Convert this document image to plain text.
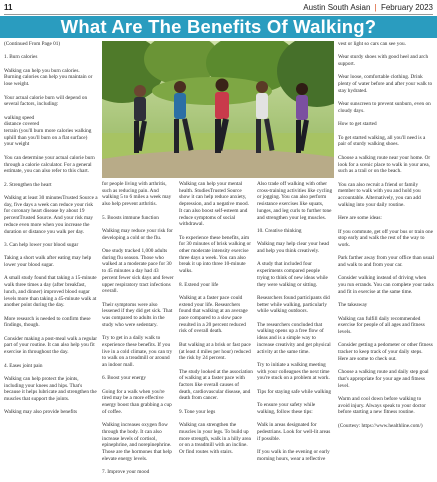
11	Austin South Asian | February 2023
What Are The Benefits Of Walking?

(Continued From Page 01)

1. Burn calories

Walking can help you burn calories. Burning calories can help you maintain or lose weight.

Your actual calorie burn will depend on several factors, including:

walking speed
distance covered
terrain (you'll burn more calories walking uphill than you'll burn on a flat surface)
your weight

You can determine your actual calorie burn through a calorie calculator. For a general estimate, you can also refer to this chart.

2. Strengthen the heart

Walking at least 30 minutesTrusted Source a day, five days a week can reduce your risk for coronary heart disease by about 19 percentTrusted Source. And your risk may reduce even more when you increase the duration or distance you walk per day.

3. Can help lower your blood sugar

Taking a short walk after eating may help lower your blood sugar.

A small study found that taking a 15-minute walk three times a day (after breakfast, lunch, and dinner) improved blood sugar levels more than taking a 45-minute walk at another point during the day.

More research is needed to confirm these findings, though.

Consider making a post-meal walk a regular part of your routine. It can also help you fit exercise in throughout the day.

4. Eases joint pain

Walking can help protect the joints, including your knees and hips. That's because it helps lubricate and strengthen the muscles that support the joints.

Walking may also provide benefits

for people living with arthritis, such as reducing pain. And walking 5 to 6 miles a week may also help prevent arthritis.

5. Boosts immune function

Walking may reduce your risk for developing a cold or the flu.

One study tracked 1,000 adults during flu season. Those who walked at a moderate pace for 30 to 45 minutes a day had 43 percent fewer sick days and fewer upper respiratory tract infections overall.

Their symptoms were also lessened if they did get sick. That was compared to adults in the study who were sedentary.

Try to get in a daily walk to experience these benefits. If you live in a cold climate, you can try to walk on a treadmill or around an indoor mall.

6. Boost your energy

Going for a walk when you're tired may be a more effective energy boost than grabbing a cup of coffee.

Walking increases oxygen flow through the body. It can also increase levels of cortisol, epinephrine, and norepinephrine. Those are the hormones that help elevate energy levels.

7. Improve your mood

Walking can help your mental health. StudiesTrusted Source show it can help reduce anxiety, depression, and a negative mood. It can also boost self-esteem and reduce symptoms of social withdrawal.

To experience these benefits, aim for 30 minutes of brisk walking or other moderate intensity exercise three days a week. You can also break it up into three 10-minute walks.

8. Extend your life

Walking at a faster pace could extend your life. Researchers found that walking at an average pace compared to a slow pace resulted in a 20 percent reduced risk of overall death.

But walking at a brisk or fast pace (at least 4 miles per hour) reduced the risk by 24 percent.

The study looked at the association of walking at a faster pace with factors like overall causes of death, cardiovascular disease, and death from cancer.

9. Tone your legs

Walking can strengthen the muscles in your legs. To build up more strength, walk in a hilly area or on a treadmill with an incline. Or find routes with stairs.

Also trade off walking with other cross-training activities like cycling or jogging. You can also perform resistance exercises like squats, lunges, and leg curls to further tone and strengthen your leg muscles.

10. Creative thinking

Walking may help clear your head and help you think creatively.

A study that included four experiments compared people trying to think of new ideas while they were walking or sitting.

Researchers found participants did better while walking, particularly while walking outdoors.

The researchers concluded that walking opens up a free flow of ideas and is a simple way to increase creativity and get physical activity at the same time.

Try to initiate a walking meeting with your colleagues the next time you're stuck on a problem at work.

Tips for staying safe while walking

To ensure your safety while walking, follow these tips:

Walk in areas designated for pedestrians. Look for well-lit areas if possible.

If you walk in the evening or early morning hours, wear a reflective

vest or light so cars can see you.

Wear sturdy shoes with good heel and arch support.

Wear loose, comfortable clothing. Drink plenty of water before and after your walk to stay hydrated.

Wear sunscreen to prevent sunburn, even on cloudy days.

How to get started

To get started walking, all you'll need is a pair of sturdy walking shoes.

Choose a walking route near your home. Or look for a scenic place to walk in your area, such as a trail or on the beach.

You can also recruit a friend or family member to walk with you and hold you accountable. Alternatively, you can add walking into your daily routine.

Here are some ideas:

If you commute, get off your bus or train one stop early and walk the rest of the way to work.

Park farther away from your office than usual and walk to and from your car.

Consider walking instead of driving when you run errands. You can complete your tasks and fit in exercise at the same time.

The takeaway

Walking can fulfill daily recommended exercise for people of all ages and fitness levels.

Consider getting a pedometer or other fitness tracker to keep track of your daily steps. Here are some to check out.

Choose a walking route and daily step goal that's appropriate for your age and fitness level.

Warm and cool down before walking to avoid injury. Always speak to your doctor before starting a new fitness routine.

(Courtesy: https://www.healthline.com/)
